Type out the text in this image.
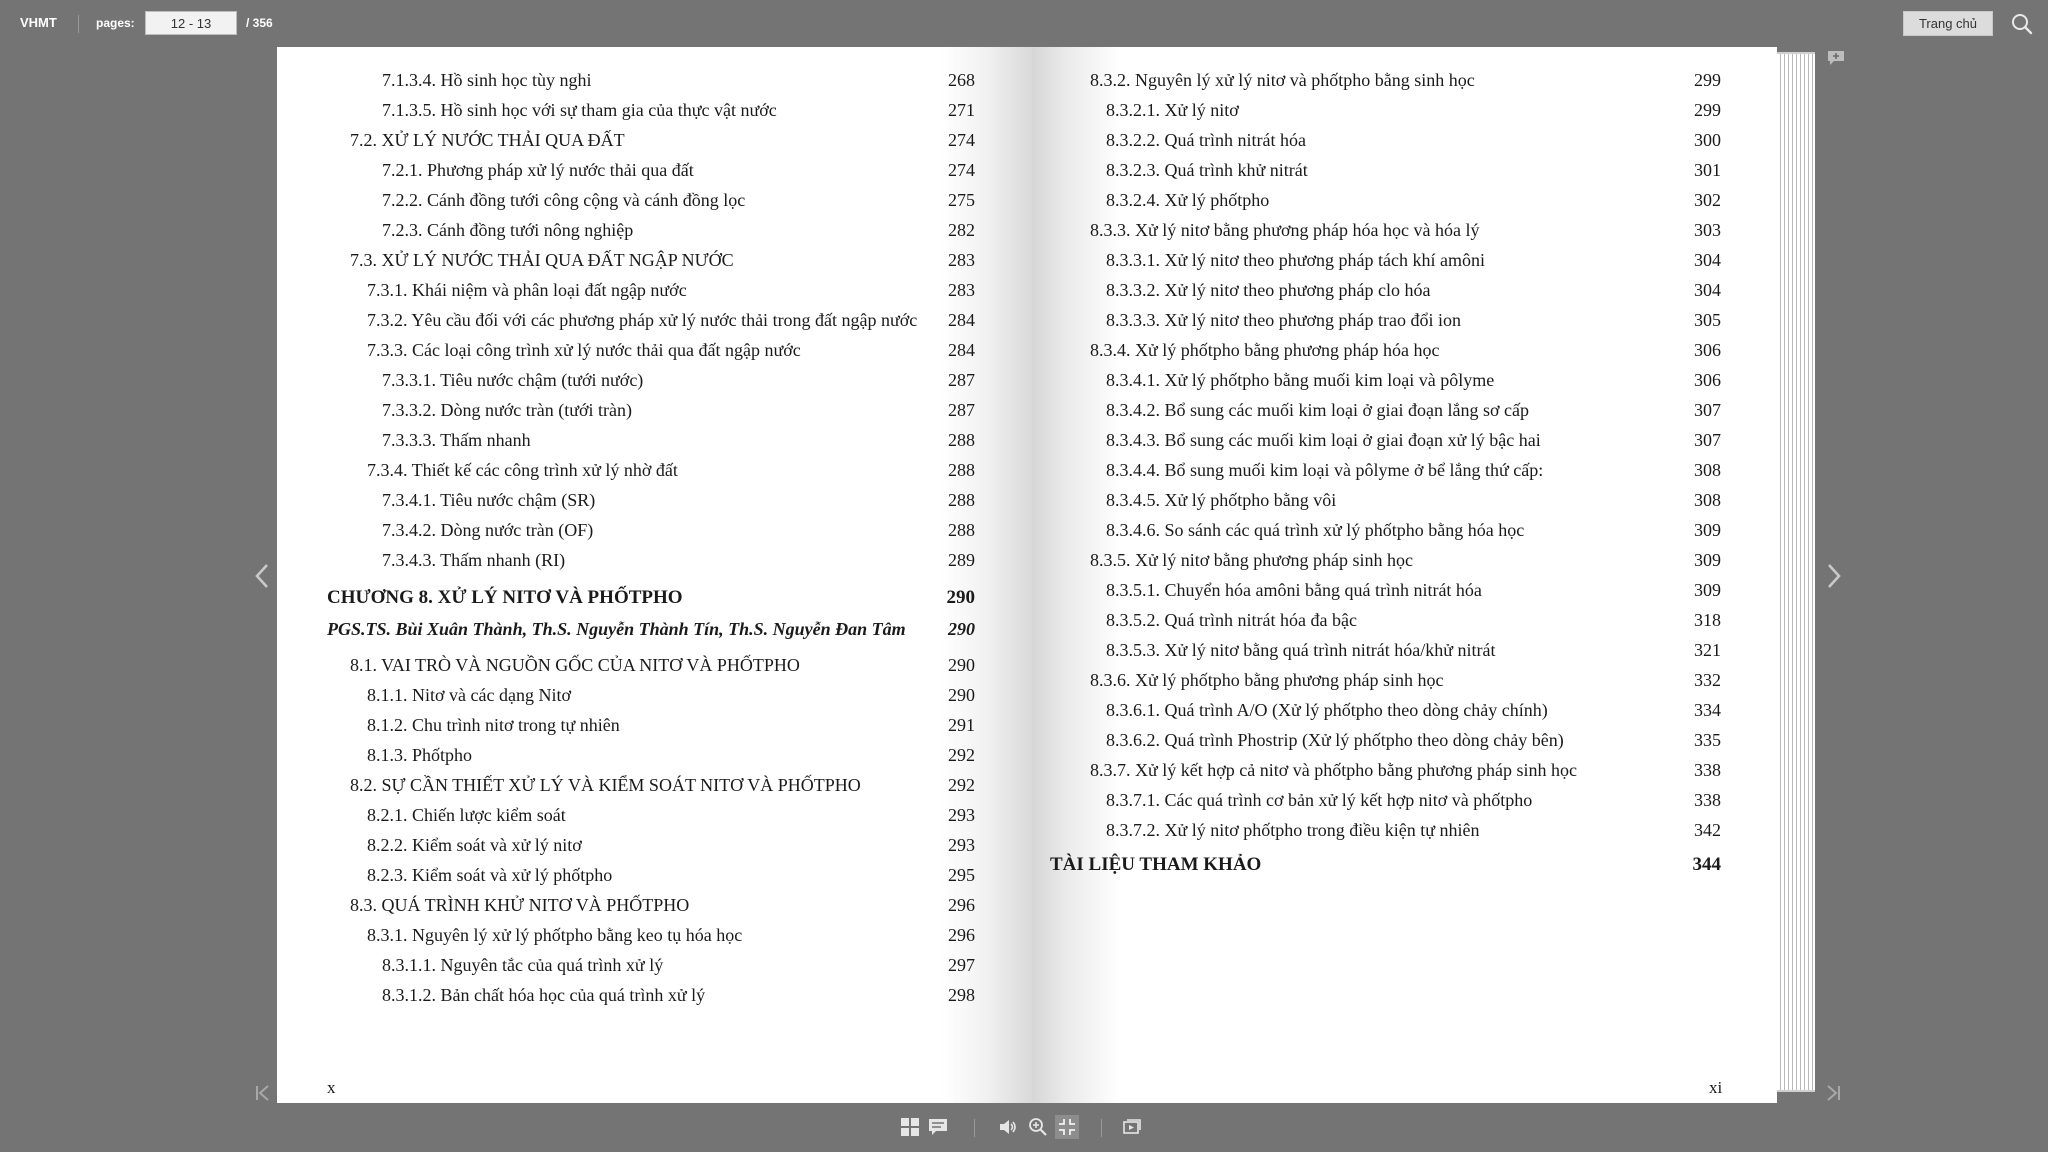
VHMT	pages:
12 - 13	/ 356	Trang chủ
7.1.3.4. Hồ sinh học tùy nghi	268
7.1.3.5. Hồ sinh học với sự tham gia của thực vật nước	271
7.2. XỬ LÝ NƯỚC THẢI QUA ĐẤT	274
7.2.1. Phương pháp xử lý nước thải qua đất	274
7.2.2. Cánh đồng tưới công cộng và cánh đồng lọc	275
7.2.3. Cánh đồng tưới nông nghiệp	282
7.3. XỬ LÝ NƯỚC THẢI QUA ĐẤT NGẬP NƯỚC	283
7.3.1. Khái niệm và phân loại đất ngập nước	283
7.3.2. Yêu cầu đối với các phương pháp xử lý nước thải trong đất ngập nước 284
7.3.3. Các loại công trình xử lý nước thải qua đất ngập nước	284
7.3.3.1. Tiêu nước chậm (tưới nước)	287
7.3.3.2. Dòng nước tràn (tưới tràn)	287
7.3.3.3. Thấm nhanh	288
7.3.4. Thiết kế các công trình xử lý nhờ đất	288
7.3.4.1. Tiêu nước chậm (SR)	288
7.3.4.2. Dòng nước tràn (OF)	288
7.3.4.3. Thấm nhanh (RI)	289
CHƯƠNG 8. XỬ LÝ NITƠ VÀ PHỐTPHO	290
PGS.TS. Bùi Xuân Thành, Th.S. Nguyễn Thành Tín, Th.S. Nguyễn Đan Tâm 290
8.1. VAI TRÒ VÀ NGUỒN GỐC CỦA NITƠ VÀ PHỐTPHO	290
8.1.1. Nitơ và các dạng Nitơ	290
8.1.2. Chu trình nitơ trong tự nhiên	291
8.1.3. Phốtpho	292
8.2. SỰ CẦN THIẾT XỬ LÝ VÀ KIỂM SOÁT NITƠ VÀ PHỐTPHO	292
8.2.1. Chiến lược kiểm soát	293
8.2.2. Kiểm soát và xử lý nitơ	293
8.2.3. Kiểm soát và xử lý phốtpho	295
8.3. QUÁ TRÌNH KHỬ NITƠ VÀ PHỐTPHO	296
8.3.1. Nguyên lý xử lý phốtpho bằng keo tụ hóa học	296
8.3.1.1. Nguyên tắc của quá trình xử lý	297
8.3.1.2. Bản chất hóa học của quá trình xử lý	298
x
8.3.2. Nguyên lý xử lý nitơ và phốtpho bằng sinh học	299
8.3.2.1. Xử lý nitơ	299
8.3.2.2. Quá trình nitrát hóa	300
8.3.2.3. Quá trình khử nitrát	301
8.3.2.4. Xử lý phốtpho	302
8.3.3. Xử lý nitơ bằng phương pháp hóa học và hóa lý	303
8.3.3.1. Xử lý nitơ theo phương pháp tách khí amôni	304
8.3.3.2. Xử lý nitơ theo phương pháp clo hóa	304
8.3.3.3. Xử lý nitơ theo phương pháp trao đổi ion	305
8.3.4. Xử lý phốtpho bằng phương pháp hóa học	306
8.3.4.1. Xử lý phốtpho bằng muối kim loại và pôlyme	306
8.3.4.2. Bổ sung các muối kim loại ở giai đoạn lắng sơ cấp	307
8.3.4.3. Bổ sung các muối kim loại ở giai đoạn xử lý bậc hai	307
8.3.4.4. Bổ sung muối kim loại và pôlyme ở bể lắng thứ cấp:	308
8.3.4.5. Xử lý phốtpho bằng vôi	308
8.3.4.6. So sánh các quá trình xử lý phốtpho bằng hóa học	309
8.3.5. Xử lý nitơ bằng phương pháp sinh học	309
8.3.5.1. Chuyển hóa amôni bằng quá trình nitrát hóa	309
8.3.5.2. Quá trình nitrát hóa đa bậc	318
8.3.5.3. Xử lý nitơ bằng quá trình nitrát hóa/khử nitrát	321
8.3.6. Xử lý phốtpho bằng phương pháp sinh học	332
8.3.6.1. Quá trình A/O (Xử lý phốtpho theo dòng chảy chính)	334
8.3.6.2. Quá trình Phostrip (Xử lý phốtpho theo dòng chảy bên)	335
8.3.7. Xử lý kết hợp cả nitơ và phốtpho bằng phương pháp sinh học	338
8.3.7.1. Các quá trình cơ bản xử lý kết hợp nitơ và phốtpho	338
8.3.7.2. Xử lý nitơ phốtpho trong điều kiện tự nhiên	342
TÀI LIỆU THAM KHẢO	344
xi
